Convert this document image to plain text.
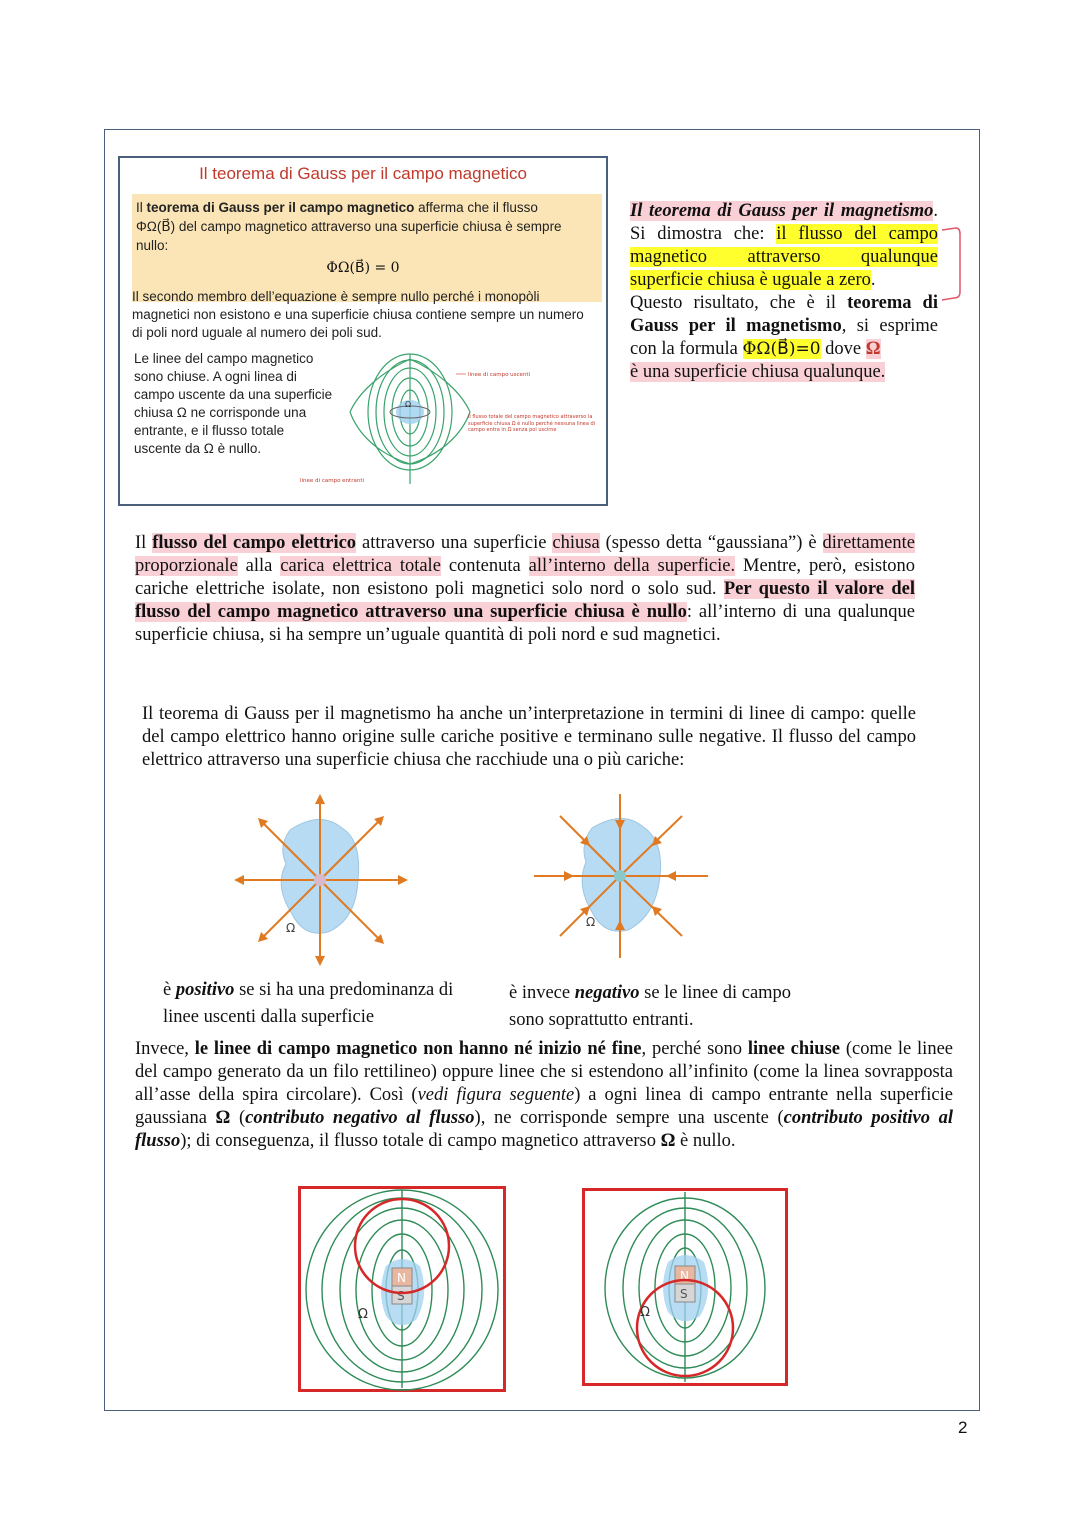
Il teorema di Gauss per il campo magnetico
Il teorema di Gauss per il campo magnetico afferma che il flusso ΦΩ(B⃗) del campo magnetico attraverso una superficie chiusa è sempre nullo:
ΦΩ(B⃗) = 0
Il secondo membro dell’equazione è sempre nullo perché i monopòli magnetici non esistono e una superficie chiusa contiene sempre un numero di poli nord uguale al numero dei poli sud.
Le linee del campo magnetico sono chiuse. A ogni linea di campo uscente da una superficie chiusa Ω ne corrisponde una entrante, e il flusso totale uscente da Ω è nullo.
Ω
linee di campo uscenti
il flusso totale del campo magnetico attraverso la superficie chiusa Ω è nullo perché nessuna linea di campo entra in Ω senza poi uscirne
linee di campo entranti
Il teorema di Gauss per il magnetismo. Si dimostra che: il flusso del campo magnetico attraverso qualunque superficie chiusa è uguale a zero.
Questo risultato, che è il teorema di Gauss per il magnetismo, si esprime con la formula ΦΩ(B⃗)=0 dove Ω
è una superficie chiusa qualunque.
Il flusso del campo elettrico attraverso una superficie chiusa (spesso detta “gaussiana”) è direttamente proporzionale alla carica elettrica totale contenuta all’interno della superficie. Mentre, però, esistono cariche elettriche isolate, non esistono poli magnetici solo nord o solo sud. Per questo il valore del flusso del campo magnetico attraverso una superficie chiusa è nullo: all’interno di una qualunque superficie chiusa, si ha sempre un’uguale quantità di poli nord e sud magnetici.
Il teorema di Gauss per il magnetismo ha anche un’interpretazione in termini di linee di campo: quelle del campo elettrico hanno origine sulle cariche positive e terminano sulle negative. Il flusso del campo elettrico attraverso una superficie chiusa che racchiude una o più cariche:
Ω	Ω
è positivo se si ha una predominanza di linee uscenti dalla superficie
è invece negativo se le linee di campo sono soprattutto entranti.
Invece, le linee di campo magnetico non hanno né inizio né fine, perché sono linee chiuse (come le linee del campo generato da un filo rettilineo) oppure linee che si estendono all’infinito (come la linea sovrapposta all’asse della spira circolare). Così (vedi figura seguente) a ogni linea di campo entrante nella superficie gaussiana Ω (contributo negativo al flusso), ne corrisponde sempre una uscente (contributo positivo al flusso); di conseguenza, il flusso totale di campo magnetico attraverso Ω è nullo.
N
S
Ω
N
S
Ω
2
